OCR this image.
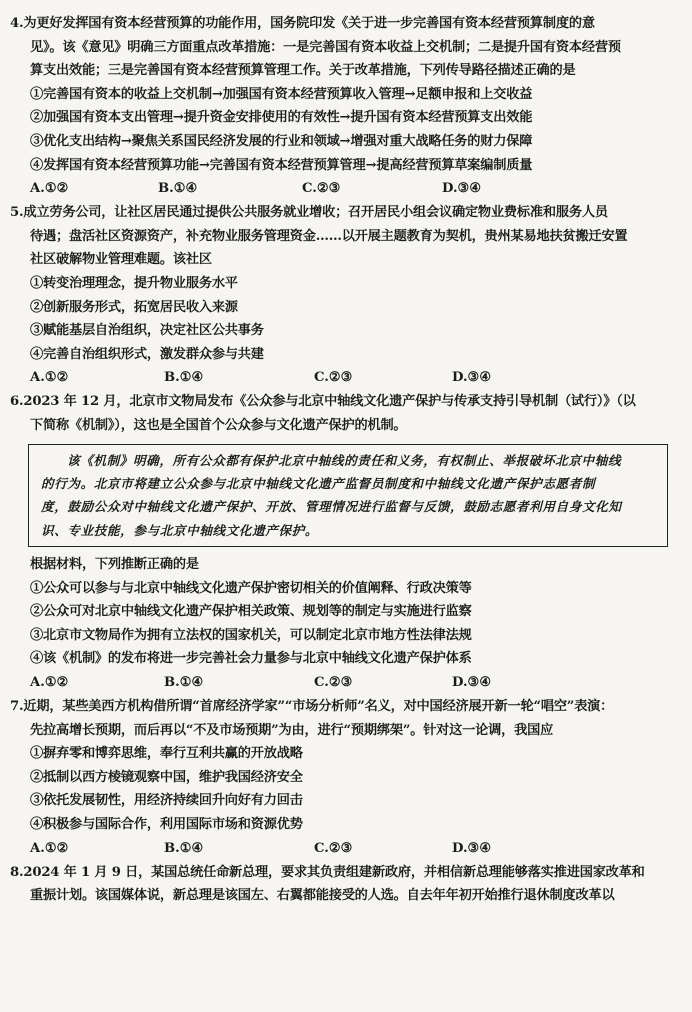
4.为更好发挥国有资本经营预算的功能作用，国务院印发《关于进一步完善国有资本经营预算制度的意
见》。该《意见》明确三方面重点改革措施：一是完善国有资本收益上交机制；二是提升国有资本经营预
算支出效能；三是完善国有资本经营预算管理工作。关于改革措施，下列传导路径描述正确的是
①完善国有资本的收益上交机制→加强国有资本经营预算收入管理→足额申报和上交收益
②加强国有资本支出管理→提升资金安排使用的有效性→提升国有资本经营预算支出效能
③优化支出结构→聚焦关系国民经济发展的行业和领域→增强对重大战略任务的财力保障
④发挥国有资本经营预算功能→完善国有资本经营预算管理→提高经营预算草案编制质量
A.①②	B.①④	C.②③	D.③④
5.成立劳务公司，让社区居民通过提供公共服务就业增收；召开居民小组会议确定物业费标准和服务人员
待遇；盘活社区资源资产，补充物业服务管理资金……以开展主题教育为契机，贵州某易地扶贫搬迁安置
社区破解物业管理难题。该社区
①转变治理理念，提升物业服务水平
②创新服务形式，拓宽居民收入来源
③赋能基层自治组织，决定社区公共事务
④完善自治组织形式，激发群众参与共建
A.①②	B.①④	C.②③	D.③④
6.2023 年 12 月，北京市文物局发布《公众参与北京中轴线文化遗产保护与传承支持引导机制（试行）》（以
下简称《机制》），这也是全国首个公众参与文化遗产保护的机制。
该《机制》明确，所有公众都有保护北京中轴线的责任和义务，有权制止、举报破坏北京中轴线
的行为。北京市将建立公众参与北京中轴线文化遗产监督员制度和中轴线文化遗产保护志愿者制
度，鼓励公众对中轴线文化遗产保护、开放、管理情况进行监督与反馈，鼓励志愿者利用自身文化知
识、专业技能，参与北京中轴线文化遗产保护。
根据材料，下列推断正确的是
①公众可以参与与北京中轴线文化遗产保护密切相关的价值阐释、行政决策等
②公众可对北京中轴线文化遗产保护相关政策、规划等的制定与实施进行监察
③北京市文物局作为拥有立法权的国家机关，可以制定北京市地方性法律法规
④该《机制》的发布将进一步完善社会力量参与北京中轴线文化遗产保护体系
A.①②	B.①④	C.②③	D.③④
7.近期，某些美西方机构借所谓“首席经济学家”“市场分析师”名义，对中国经济展开新一轮“唱空”表演：
先拉高增长预期，而后再以“不及市场预期”为由，进行“预期绑架”。针对这一论调，我国应
①摒弃零和博弈思维，奉行互利共赢的开放战略
②抵制以西方棱镜观察中国，维护我国经济安全
③依托发展韧性，用经济持续回升向好有力回击
④积极参与国际合作，利用国际市场和资源优势
A.①②	B.①④	C.②③	D.③④
8.2024 年 1 月 9 日，某国总统任命新总理，要求其负责组建新政府，并相信新总理能够落实推进国家改革和
重振计划。该国媒体说，新总理是该国左、右翼都能接受的人选。自去年年初开始推行退休制度改革以
